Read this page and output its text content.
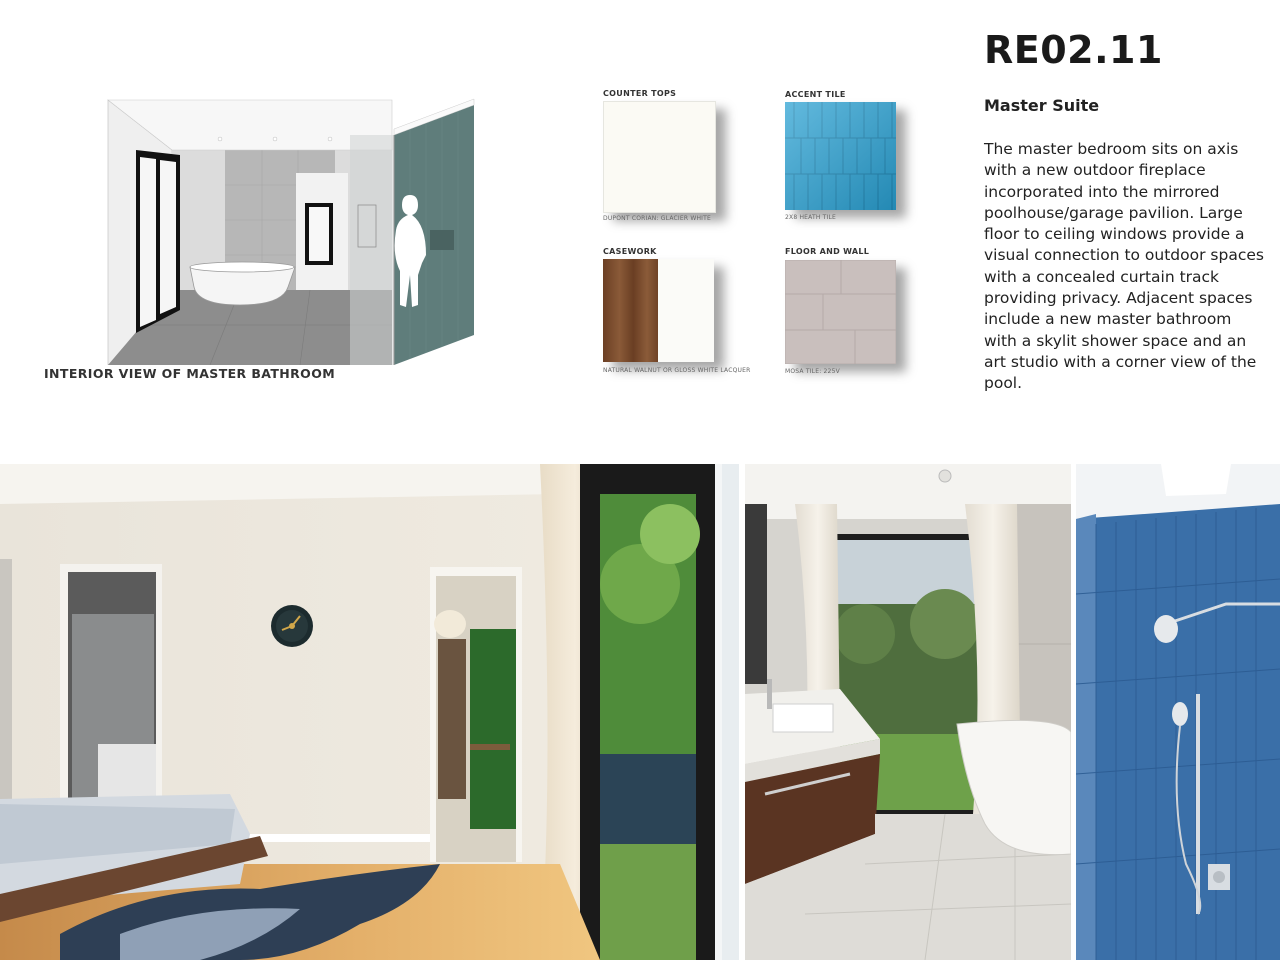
INTERIOR VIEW OF MASTER BATHROOM
COUNTER TOPS
DUPONT CORIAN: GLACIER WHITE
ACCENT TILE
2X8 HEATH TILE
CASEWORK
NATURAL WALNUT OR GLOSS WHITE LACQUER
FLOOR AND WALL
MOSA TILE: 225V
RE02.11
Master Suite

The master bedroom sits on axis
with a new outdoor fireplace
incorporated into the mirrored
poolhouse/garage pavilion. Large
floor to ceiling windows provide a
visual connection to outdoor spaces
with a concealed curtain track
providing privacy. Adjacent spaces
include a new master bathroom
with a skylit shower space and an
art studio with a corner view of the
pool.
